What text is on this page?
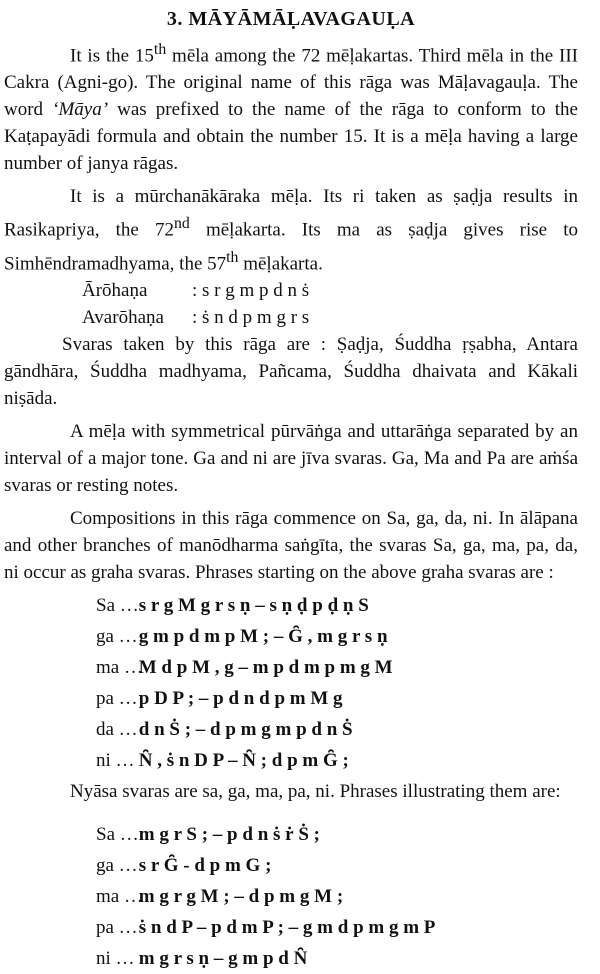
3. MĀYĀMĀḶAVAGAUḶA

It is the 15th mēla among the 72 mēḷakartas. Third mēla in the III Cakra (Agni-go). The original name of this rāga was Māḷavagauḷa. The word ‘Māya’ was prefixed to the name of the rāga to conform to the Kaṭapayādi formula and obtain the number 15. It is a mēḷa having a large number of janya rāgas.

It is a mūrchanākāraka mēḷa. Its ri taken as ṣaḍja results in Rasikapriya, the 72nd mēḷakarta. Its ma as ṣaḍja gives rise to Simhēndramadhyama, the 57th mēḷakarta.

Ārōhaṇa : s r g m p d n ṡ
Avarōhaṇa : ṡ n d p m g r s

Svaras taken by this rāga are : Ṣaḍja, Śuddha ṛṣabha, Antara gāndhāra, Śuddha madhyama, Pañcama, Śuddha dhaivata and Kākali niṣāda.

A mēḷa with symmetrical pūrvāṅga and uttarāṅga separated by an interval of a major tone. Ga and ni are jīva svaras. Ga, Ma and Pa are aṁśa svaras or resting notes.

Compositions in this rāga commence on Sa, ga, da, ni. In ālāpana and other branches of manōdharma saṅgīta, the svaras Sa, ga, ma, pa, da, ni occur as graha svaras. Phrases starting on the above graha svaras are :

Sa … s r g M g r s ṇ – s ṇ ḍ p ḍ ṇ S
ga … g m p d m p M ; – G̑̑̑ , m g r s ṇ
ma … M d p M , g – m p d m p m g M
pa … p D P ; – p d n d p m M g
da … d n Ṡ ; – d p m g m p d n Ṡ
ni … N̑̑̑ , ṡ n D P – N̑̑̑ ; d p m G̑̑̑ ;

Nyāsa svaras are sa, ga, ma, pa, ni. Phrases illustrating them are:

Sa … m g r S ; – p d n ṡ ṙ Ṡ ;
ga … s r G̑̑̑ - d p m G ;
ma … m g r g M ; – d p m g M ;
pa … ṡ n d P – p d m P ; – g m d p m g m P
ni … m g r s ṇ – g m p d N̑̑̑
